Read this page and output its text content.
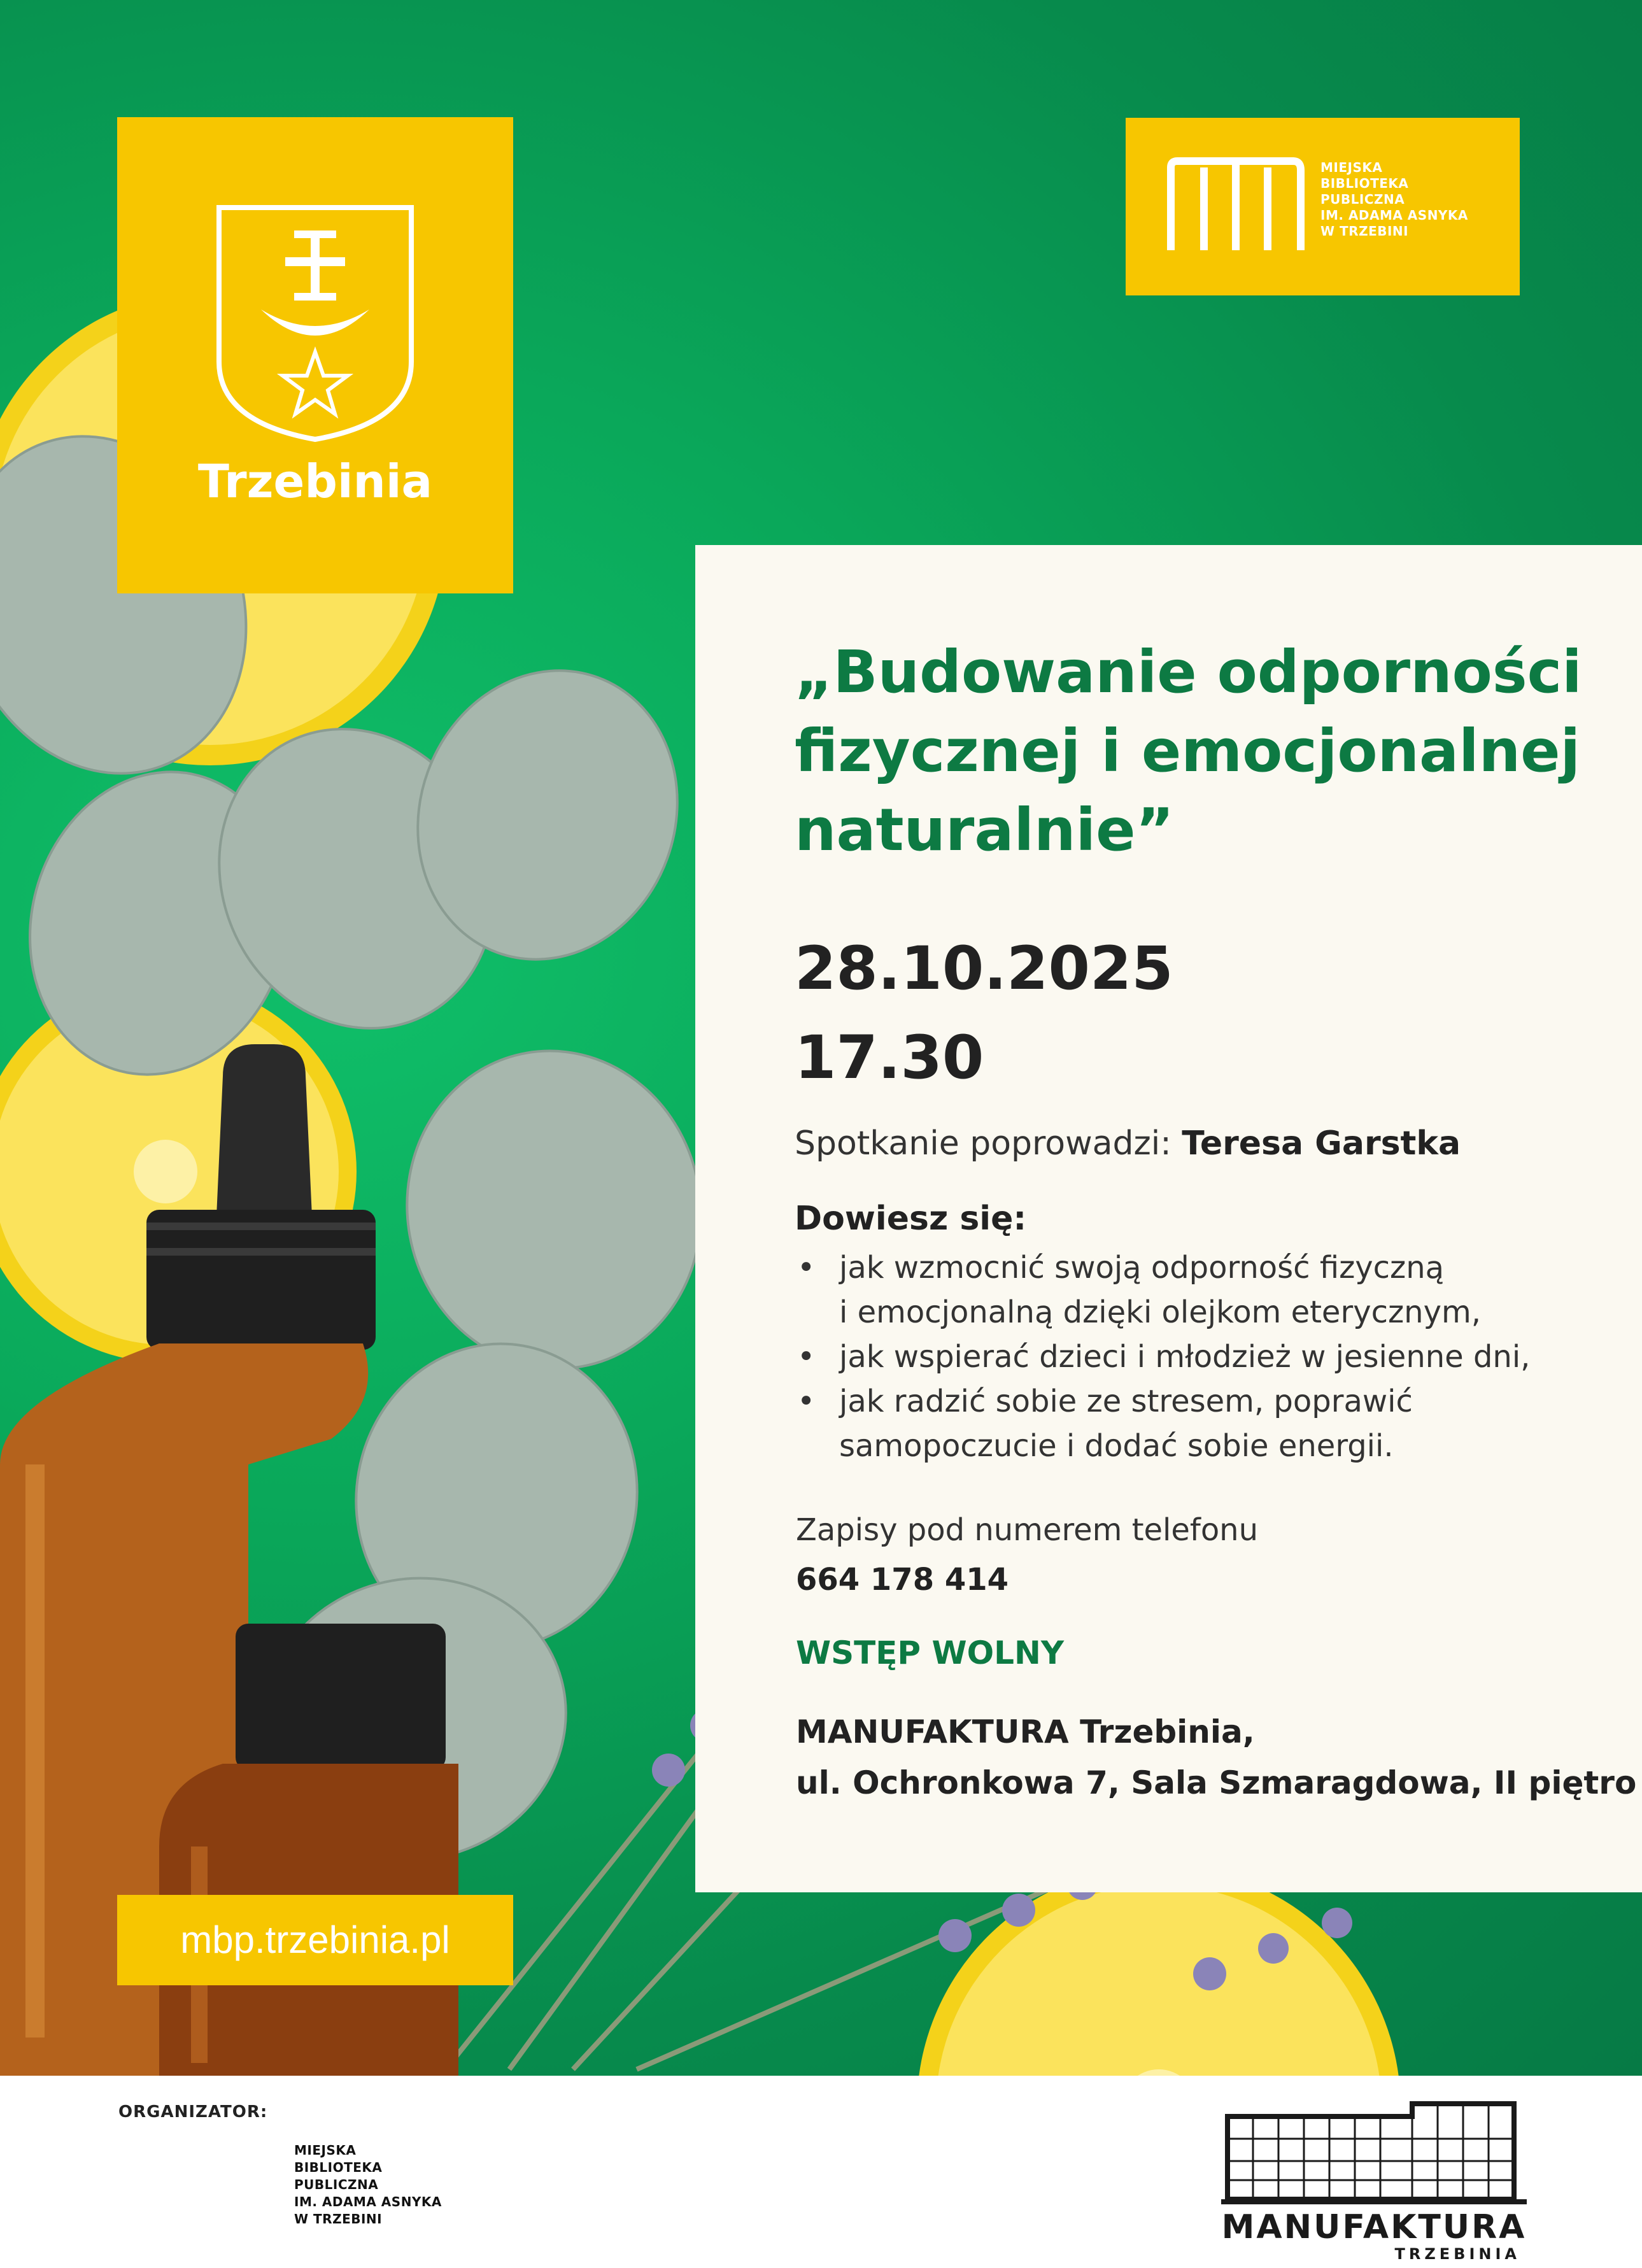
Trzebinia
MIEJSKA
BIBLIOTEKA
PUBLICZNA
IM. ADAMA ASNYKA
W TRZEBINI
„Budowanie odporności
fizycznej i emocjonalnej
naturalnie”
28.10.2025
17.30
Spotkanie poprowadzi: Teresa Garstka
Dowiesz się:
• jak wzmocnić swoją odporność fizyczną
i emocjonalną dzięki olejkom eterycznym,
• jak wspierać dzieci i młodzież w jesienne dni,
• jak radzić sobie ze stresem, poprawić
samopoczucie i dodać sobie energii.
Zapisy pod numerem telefonu
664 178 414
WSTĘP WOLNY
MANUFAKTURA Trzebinia,
ul. Ochronkowa 7, Sala Szmaragdowa, II piętro
mbp.trzebinia.pl
ORGANIZATOR:
MIEJSKA
BIBLIOTEKA
PUBLICZNA
IM. ADAMA ASNYKA
W TRZEBINI	MANUFAKTURA
TRZEBINIA
